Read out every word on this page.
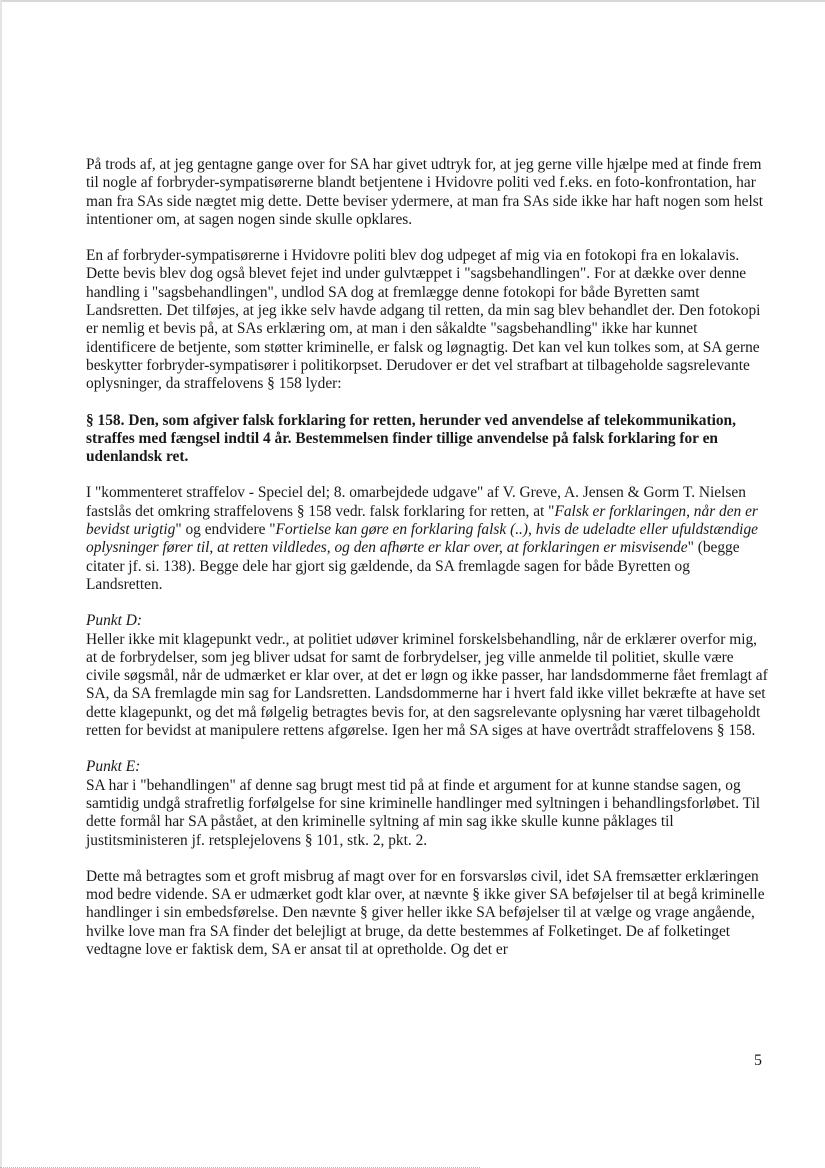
På trods af, at jeg gentagne gange over for SA har givet udtryk for, at jeg gerne ville hjælpe med at finde frem til nogle af forbryder-sympatisørerne blandt betjentene i Hvidovre politi ved f.eks. en foto-konfrontation, har man fra SAs side nægtet mig dette. Dette beviser ydermere, at man fra SAs side ikke har haft nogen som helst intentioner om, at sagen nogen sinde skulle opklares.

En af forbryder-sympatisørerne i Hvidovre politi blev dog udpeget af mig via en fotokopi fra en lokalavis. Dette bevis blev dog også blevet fejet ind under gulvtæppet i "sagsbehandlingen". For at dække over denne handling i "sagsbehandlingen", undlod SA dog at fremlægge denne fotokopi for både Byretten samt Landsretten. Det tilføjes, at jeg ikke selv havde adgang til retten, da min sag blev behandlet der. Den fotokopi er nemlig et bevis på, at SAs erklæring om, at man i den såkaldte "sagsbehandling" ikke har kunnet identificere de betjente, som støtter kriminelle, er falsk og løgnagtig. Det kan vel kun tolkes som, at SA gerne beskytter forbryder-sympatisører i politikorpset. Derudover er det vel strafbart at tilbageholde sagsrelevante oplysninger, da straffelovens § 158 lyder:

§ 158. Den, som afgiver falsk forklaring for retten, herunder ved anvendelse af telekommunikation, straffes med fængsel indtil 4 år. Bestemmelsen finder tillige anvendelse på falsk forklaring for en udenlandsk ret.

I "kommenteret straffelov - Speciel del; 8. omarbejdede udgave" af V. Greve, A. Jensen & Gorm T. Nielsen fastslås det omkring straffelovens § 158 vedr. falsk forklaring for retten, at "Falsk er forklaringen, når den er bevidst urigtig" og endvidere "Fortielse kan gøre en forklaring falsk (..), hvis de udeladte eller ufuldstændige oplysninger fører til, at retten vildledes, og den afhørte er klar over, at forklaringen er misvisende" (begge citater jf. si. 138). Begge dele har gjort sig gældende, da SA fremlagde sagen for både Byretten og Landsretten.

Punkt D:
Heller ikke mit klagepunkt vedr., at politiet udøver kriminel forskelsbehandling, når de erklærer overfor mig, at de forbrydelser, som jeg bliver udsat for samt de forbrydelser, jeg ville anmelde til politiet, skulle være civile søgsmål, når de udmærket er klar over, at det er løgn og ikke passer, har landsdommerne fået fremlagt af SA, da SA fremlagde min sag for Landsretten. Landsdommerne har i hvert fald ikke villet bekræfte at have set dette klagepunkt, og det må følgelig betragtes bevis for, at den sagsrelevante oplysning har været tilbageholdt retten for bevidst at manipulere rettens afgørelse. Igen her må SA siges at have overtrådt straffelovens § 158.

Punkt E:
SA har i "behandlingen" af denne sag brugt mest tid på at finde et argument for at kunne standse sagen, og samtidig undgå strafretlig forfølgelse for sine kriminelle handlinger med syltningen i behandlingsforløbet. Til dette formål har SA påstået, at den kriminelle syltning af min sag ikke skulle kunne påklages til justitsministeren jf. retsplejelovens § 101, stk. 2, pkt. 2.

Dette må betragtes som et groft misbrug af magt over for en forsvarsløs civil, idet SA fremsætter erklæringen mod bedre vidende. SA er udmærket godt klar over, at nævnte § ikke giver SA beføjelser til at begå kriminelle handlinger i sin embedsførelse. Den nævnte § giver heller ikke SA beføjelser til at vælge og vrage angående, hvilke love man fra SA finder det belejligt at bruge, da dette bestemmes af Folketinget. De af folketinget vedtagne love er faktisk dem, SA er ansat til at opretholde. Og det er

5
